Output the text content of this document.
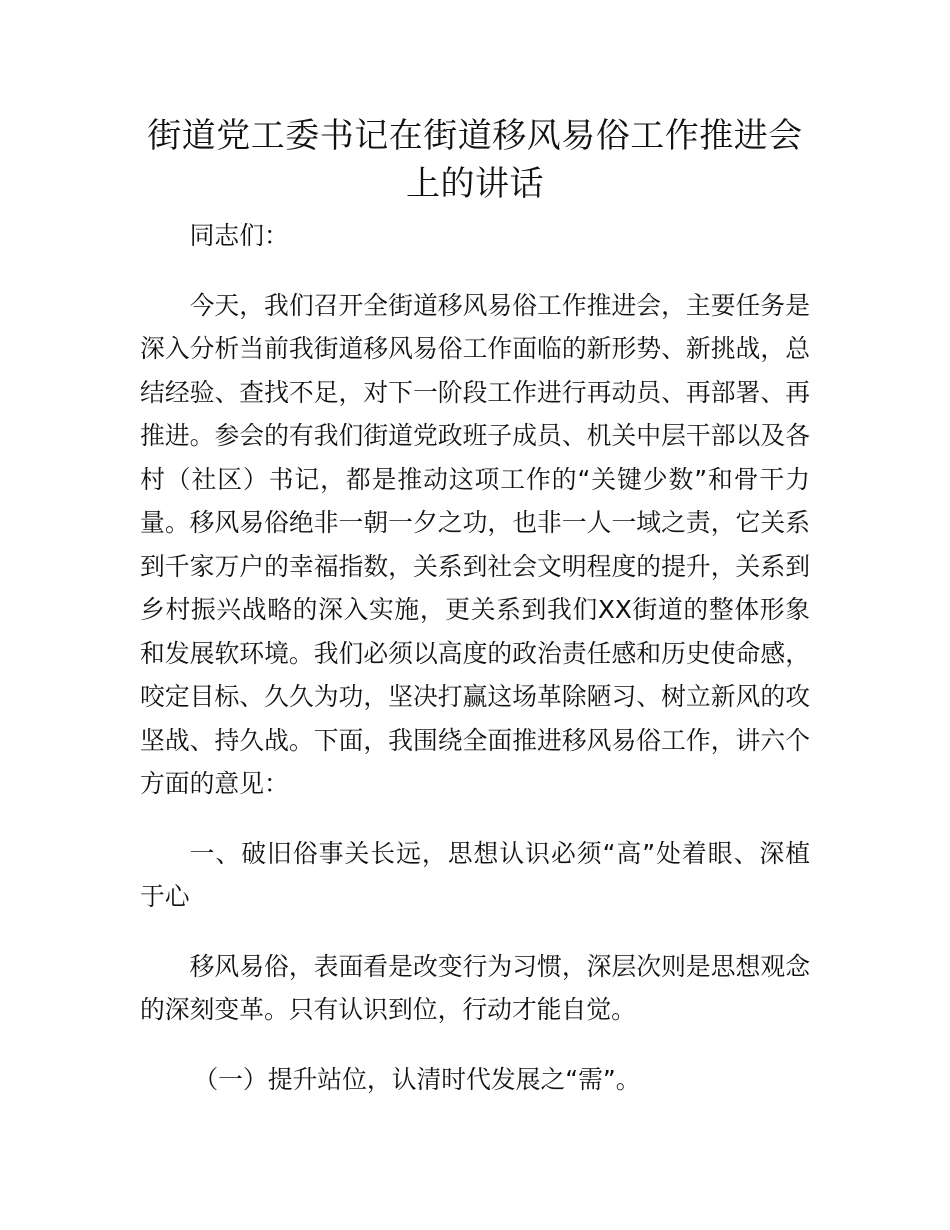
街道党工委书记在街道移风易俗工作推进会上的讲话

同志们：

今天，我们召开全街道移风易俗工作推进会，主要任务是深入分析当前我街道移风易俗工作面临的新形势、新挑战，总结经验、查找不足，对下一阶段工作进行再动员、再部署、再推进。参会的有我们街道党政班子成员、机关中层干部以及各村（社区）书记，都是推动这项工作的“关键少数”和骨干力量。移风易俗绝非一朝一夕之功，也非一人一域之责，它关系到千家万户的幸福指数，关系到社会文明程度的提升，关系到乡村振兴战略的深入实施，更关系到我们XX街道的整体形象和发展软环境。我们必须以高度的政治责任感和历史使命感，咬定目标、久久为功，坚决打赢这场革除陋习、树立新风的攻坚战、持久战。下面，我围绕全面推进移风易俗工作，讲六个方面的意见：

一、破旧俗事关长远，思想认识必须“高”处着眼、深植于心

移风易俗，表面看是改变行为习惯，深层次则是思想观念的深刻变革。只有认识到位，行动才能自觉。

（一）提升站位，认清时代发展之“需”。
